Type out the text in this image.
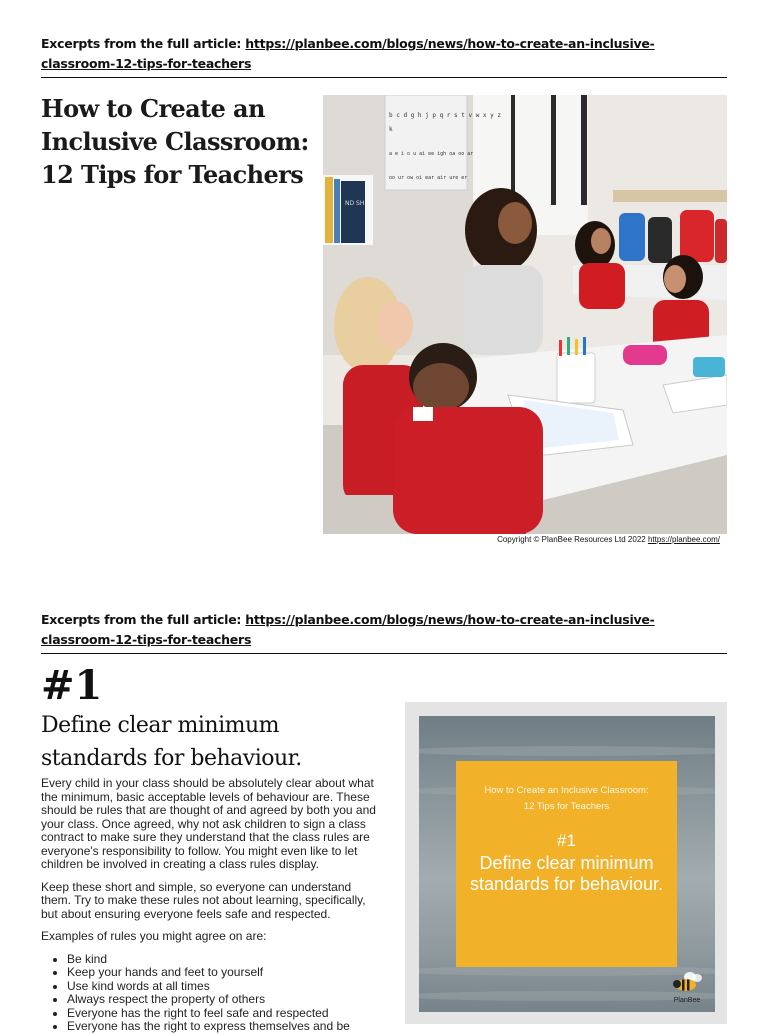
Excerpts from the full article: https://planbee.com/blogs/news/how-to-create-an-inclusive-classroom-12-tips-for-teachers
How to Create an Inclusive Classroom: 12 Tips for Teachers
b c d g h j p q r s t v w x y z
k
a e i o u ai ee igh oa oo ar
oo ur ow oi ear air ure er
ND SH
Copyright © PlanBee Resources Ltd 2022 https://planbee.com/
Excerpts from the full article: https://planbee.com/blogs/news/how-to-create-an-inclusive-classroom-12-tips-for-teachers
#1
Define clear minimum standards for behaviour.

Every child in your class should be absolutely clear about what the minimum, basic acceptable levels of behaviour are. These should be rules that are thought of and agreed by both you and your class. Once agreed, why not ask children to sign a class contract to make sure they understand that the class rules are everyone's responsibility to follow. You might even like to let children be involved in creating a class rules display.

Keep these short and simple, so everyone can understand them. Try to make these rules not about learning, specifically, but about ensuring everyone feels safe and respected.

Examples of rules you might agree on are:

• Be kind
• Keep your hands and feet to yourself
• Use kind words at all times
• Always respect the property of others
• Everyone has the right to feel safe and respected
• Everyone has the right to express themselves and be
How to Create an Inclusive Classroom:
12 Tips for Teachers
#1
Define clear minimum standards for behaviour.
PlanBee
